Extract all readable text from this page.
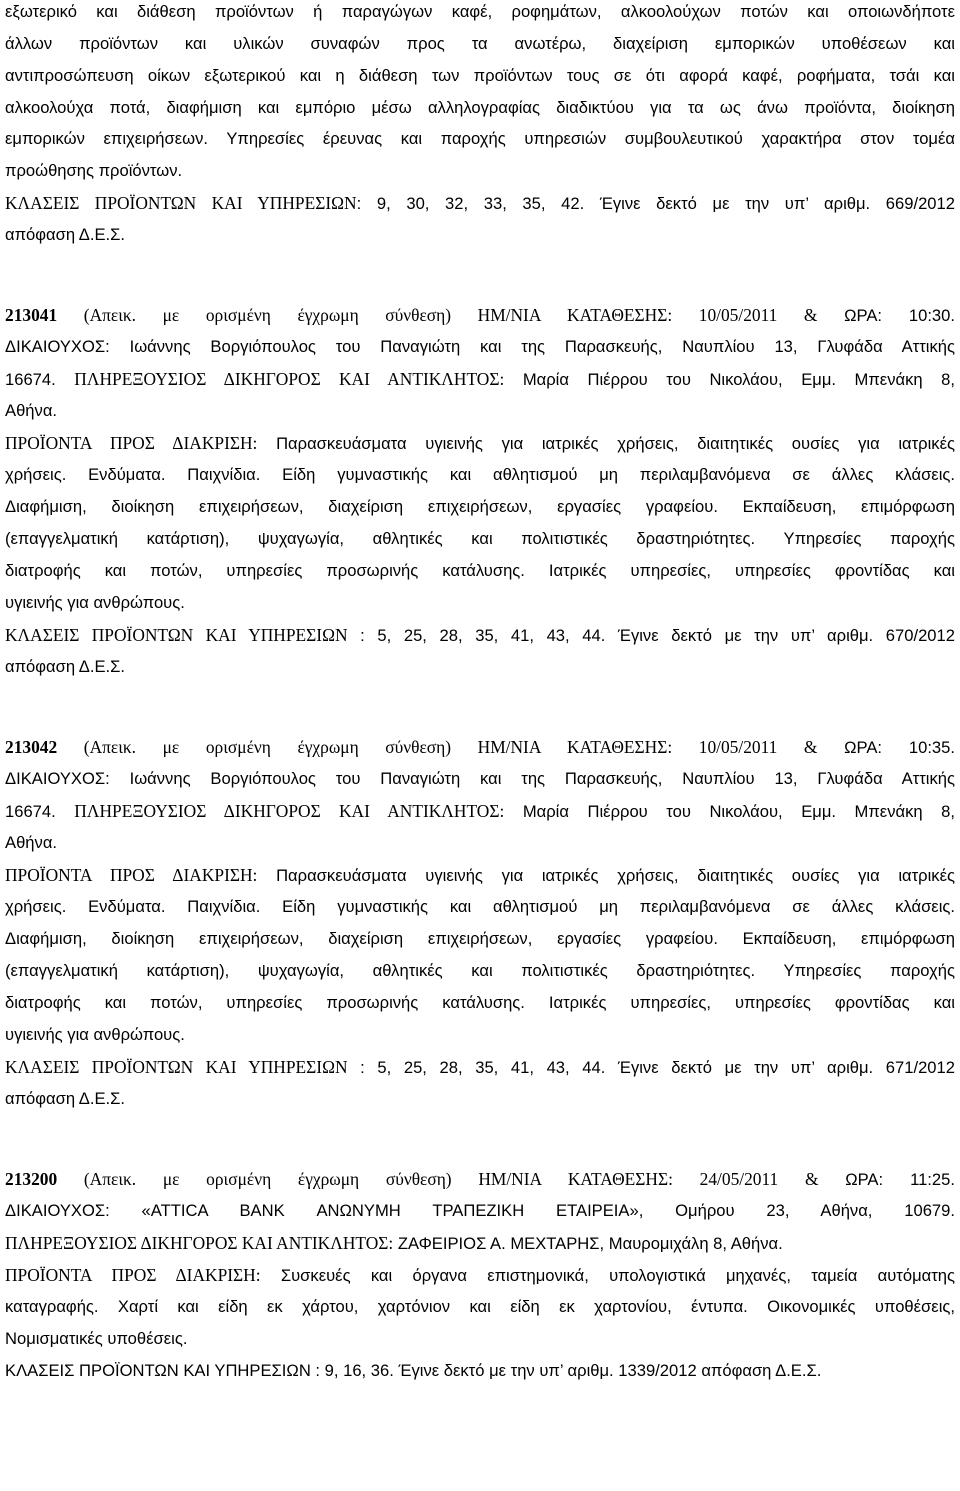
εξωτερικό και διάθεση προϊόντων ή παραγώγων καφέ, ροφημάτων, αλκοολούχων ποτών και οποιωνδήποτε
άλλων προϊόντων και υλικών συναφών προς τα ανωτέρω, διαχείριση εμπορικών υποθέσεων και
αντιπροσώπευση οίκων εξωτερικού και η διάθεση των προϊόντων τους σε ότι αφορά καφέ, ροφήματα, τσάι και
αλκοολούχα ποτά, διαφήμιση και εμπόριο μέσω αλληλογραφίας διαδικτύου για τα ως άνω προϊόντα, διοίκηση
εμπορικών επιχειρήσεων. Υπηρεσίες έρευνας και παροχής υπηρεσιών συμβουλευτικού χαρακτήρα στον τομέα
προώθησης προϊόντων.
ΚΛΑΣΕΙΣ ΠΡΟΪΟΝΤΩΝ ΚΑΙ ΥΠΗΡΕΣΙΩΝ: 9, 30, 32, 33, 35, 42. Έγινε δεκτό με την υπ’ αριθμ. 669/2012
απόφαση Δ.Ε.Σ.
213041 (Απεικ. με ορισμένη έγχρωμη σύνθεση) ΗΜ/ΝΙΑ ΚΑΤΑΘΕΣΗΣ: 10/05/2011 & ΩΡΑ: 10:30.
ΔΙΚΑΙΟΥΧΟΣ: Ιωάννης Βοργιόπουλος του Παναγιώτη και της Παρασκευής, Ναυπλίου 13, Γλυφάδα Αττικής
16674. ΠΛΗΡΕΞΟΥΣΙΟΣ ΔΙΚΗΓΟΡΟΣ ΚΑΙ ΑΝΤΙΚΛΗΤΟΣ: Μαρία Πιέρρου του Νικολάου, Εμμ. Μπενάκη 8,
Αθήνα.
ΠΡΟΪΟΝΤΑ ΠΡΟΣ ΔΙΑΚΡΙΣΗ: Παρασκευάσματα υγιεινής για ιατρικές χρήσεις, διαιτητικές ουσίες για ιατρικές
χρήσεις. Ενδύματα. Παιχνίδια. Είδη γυμναστικής και αθλητισμού μη περιλαμβανόμενα σε άλλες κλάσεις.
Διαφήμιση, διοίκηση επιχειρήσεων, διαχείριση επιχειρήσεων, εργασίες γραφείου. Εκπαίδευση, επιμόρφωση
(επαγγελματική κατάρτιση), ψυχαγωγία, αθλητικές και πολιτιστικές δραστηριότητες. Υπηρεσίες παροχής
διατροφής και ποτών, υπηρεσίες προσωρινής κατάλυσης. Ιατρικές υπηρεσίες, υπηρεσίες φροντίδας και
υγιεινής για ανθρώπους.
ΚΛΑΣΕΙΣ ΠΡΟΪΟΝΤΩΝ ΚΑΙ ΥΠΗΡΕΣΙΩΝ : 5, 25, 28, 35, 41, 43, 44. Έγινε δεκτό με την υπ’ αριθμ. 670/2012
απόφαση Δ.Ε.Σ.
213042 (Απεικ. με ορισμένη έγχρωμη σύνθεση) ΗΜ/ΝΙΑ ΚΑΤΑΘΕΣΗΣ: 10/05/2011 & ΩΡΑ: 10:35.
ΔΙΚΑΙΟΥΧΟΣ: Ιωάννης Βοργιόπουλος του Παναγιώτη και της Παρασκευής, Ναυπλίου 13, Γλυφάδα Αττικής
16674. ΠΛΗΡΕΞΟΥΣΙΟΣ ΔΙΚΗΓΟΡΟΣ ΚΑΙ ΑΝΤΙΚΛΗΤΟΣ: Μαρία Πιέρρου του Νικολάου, Εμμ. Μπενάκη 8,
Αθήνα.
ΠΡΟΪΟΝΤΑ ΠΡΟΣ ΔΙΑΚΡΙΣΗ: Παρασκευάσματα υγιεινής για ιατρικές χρήσεις, διαιτητικές ουσίες για ιατρικές
χρήσεις. Ενδύματα. Παιχνίδια. Είδη γυμναστικής και αθλητισμού μη περιλαμβανόμενα σε άλλες κλάσεις.
Διαφήμιση, διοίκηση επιχειρήσεων, διαχείριση επιχειρήσεων, εργασίες γραφείου. Εκπαίδευση, επιμόρφωση
(επαγγελματική κατάρτιση), ψυχαγωγία, αθλητικές και πολιτιστικές δραστηριότητες. Υπηρεσίες παροχής
διατροφής και ποτών, υπηρεσίες προσωρινής κατάλυσης. Ιατρικές υπηρεσίες, υπηρεσίες φροντίδας και
υγιεινής για ανθρώπους.
ΚΛΑΣΕΙΣ ΠΡΟΪΟΝΤΩΝ ΚΑΙ ΥΠΗΡΕΣΙΩΝ : 5, 25, 28, 35, 41, 43, 44. Έγινε δεκτό με την υπ’ αριθμ. 671/2012
απόφαση Δ.Ε.Σ.
213200 (Απεικ. με ορισμένη έγχρωμη σύνθεση) ΗΜ/ΝΙΑ ΚΑΤΑΘΕΣΗΣ: 24/05/2011 & ΩΡΑ: 11:25.
ΔΙΚΑΙΟΥΧΟΣ: «ATTICA BANK ΑΝΩΝΥΜΗ ΤΡΑΠΕΖΙΚΗ ΕΤΑΙΡΕΙΑ», Ομήρου 23, Αθήνα, 10679.
ΠΛΗΡΕΞΟΥΣΙΟΣ ΔΙΚΗΓΟΡΟΣ ΚΑΙ ΑΝΤΙΚΛΗΤΟΣ: ΖΑΦΕΙΡΙΟΣ Α. ΜΕΧΤΑΡΗΣ, Μαυρομιχάλη 8, Αθήνα.
ΠΡΟΪΟΝΤΑ ΠΡΟΣ ΔΙΑΚΡΙΣΗ: Συσκευές και όργανα επιστημονικά, υπολογιστικά μηχανές, ταμεία αυτόματης
καταγραφής. Χαρτί και είδη εκ χάρτου, χαρτόνιον και είδη εκ χαρτονίου, έντυπα. Οικονομικές υποθέσεις,
Νομισματικές υποθέσεις.
ΚΛΑΣΕΙΣ ΠΡΟΪΟΝΤΩΝ ΚΑΙ ΥΠΗΡΕΣΙΩΝ : 9, 16, 36. Έγινε δεκτό με την υπ’ αριθμ. 1339/2012 απόφαση Δ.Ε.Σ.
